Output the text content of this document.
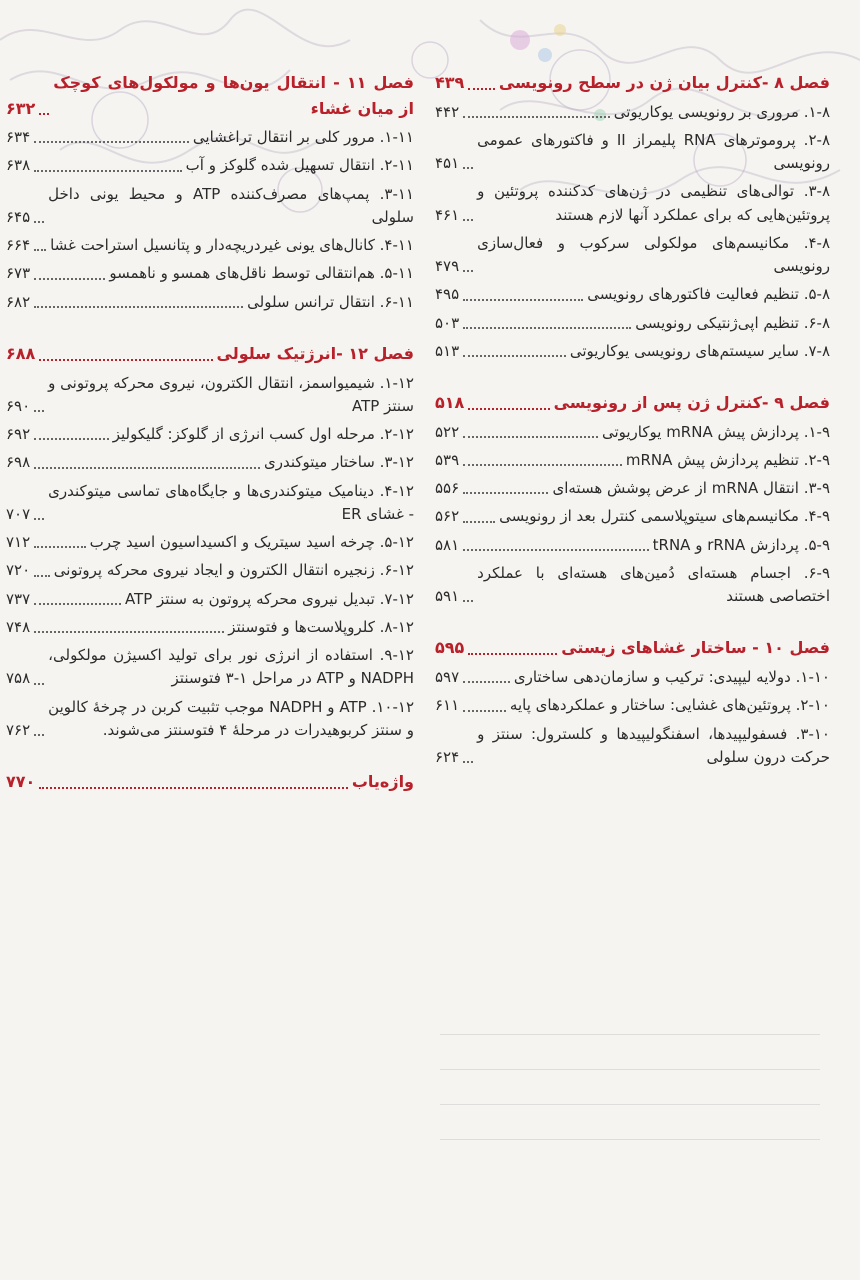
فصل ۸ -کنترل بیان ژن در سطح رونویسی
۴۳۹
۱-۸. مروری بر رونویسی یوکاریوتی
۴۴۲
۲-۸. پروموترهای RNA پلیمراز II و فاکتورهای عمومی رونویسی
۴۵۱
۳-۸. توالی‌های تنظیمی در ژن‌های کدکننده پروتئین و پروتئین‌هایی که برای عملکرد آنها لازم هستند
۴۶۱
۴-۸. مکانیسم‌های مولکولی سرکوب و فعال‌سازی رونویسی
۴۷۹
۵-۸. تنظیم فعالیت فاکتورهای رونویسی
۴۹۵
۶-۸. تنظیم اپی‌ژنتیکی رونویسی
۵۰۳
۷-۸. سایر سیستم‌های رونویسی یوکاریوتی
۵۱۳
فصل ۹ -کنترل ژن پس از رونویسی
۵۱۸
۱-۹. پردازش پیش mRNA یوکاریوتی
۵۲۲
۲-۹. تنظیم پردازش پیش mRNA
۵۳۹
۳-۹. انتقال mRNA از عرض پوشش هسته‌ای
۵۵۶
۴-۹. مکانیسم‌های سیتوپلاسمی کنترل بعد از رونویسی
۵۶۲
۵-۹. پردازش rRNA و tRNA
۵۸۱
۶-۹. اجسام هسته‌ای دُمین‌های هسته‌ای با عملکرد اختصاصی هستند
۵۹۱
فصل ۱۰ - ساختار غشاهای زیستی
۵۹۵
۱-۱۰. دولایه لیپیدی: ترکیب و سازمان‌دهی ساختاری
۵۹۷
۲-۱۰. پروتئین‌های غشایی: ساختار و عملکردهای پایه
۶۱۱
۳-۱۰. فسفولیپیدها، اسفنگولیپیدها و کلسترول: سنتز و حرکت درون سلولی
۶۲۴
فصل ۱۱ - انتقال یون‌ها و مولکول‌های کوچک از میان غشاء
۶۳۲
۱-۱۱. مرور کلی بر انتقال تراغشایی
۶۳۴
۲-۱۱. انتقال تسهیل شده گلوکز و آب
۶۳۸
۳-۱۱. پمپ‌های مصرف‌کننده ATP و محیط یونی داخل سلولی
۶۴۵
۴-۱۱. کانال‌های یونی غیردریچه‌دار و پتانسیل استراحت غشا
۶۶۴
۵-۱۱. هم‌انتقالی توسط ناقل‌های همسو و ناهمسو
۶۷۳
۶-۱۱. انتقال ترانس سلولی
۶۸۲
فصل ۱۲ -انرژتیک سلولی
۶۸۸
۱-۱۲. شیمیواسمز، انتقال الکترون، نیروی محرکه پروتونی و سنتز ATP
۶۹۰
۲-۱۲. مرحله اول کسب انرژی از گلوکز: گلیکولیز
۶۹۲
۳-۱۲. ساختار میتوکندری
۶۹۸
۴-۱۲. دینامیک میتوکندری‌ها و جایگاه‌های تماسی میتوکندری - غشای ER
۷۰۷
۵-۱۲. چرخه اسید سیتریک و اکسیداسیون اسید چرب
۷۱۲
۶-۱۲. زنجیره انتقال الکترون و ایجاد نیروی محرکه پروتونی
۷۲۰
۷-۱۲. تبدیل نیروی محرکه پروتون به سنتز ATP
۷۳۷
۸-۱۲. کلروپلاست‌ها و فتوسنتز
۷۴۸
۹-۱۲. استفاده از انرژی نور برای تولید اکسیژن مولکولی، NADPH و ATP در مراحل ۱-۳ فتوسنتز
۷۵۸
۱۰-۱۲. ATP و NADPH موجب تثبیت کربن در چرخهٔ کالوین و سنتز کربوهیدرات در مرحلهٔ ۴ فتوسنتز می‌شوند.
۷۶۲
واژه‌یاب
۷۷۰
